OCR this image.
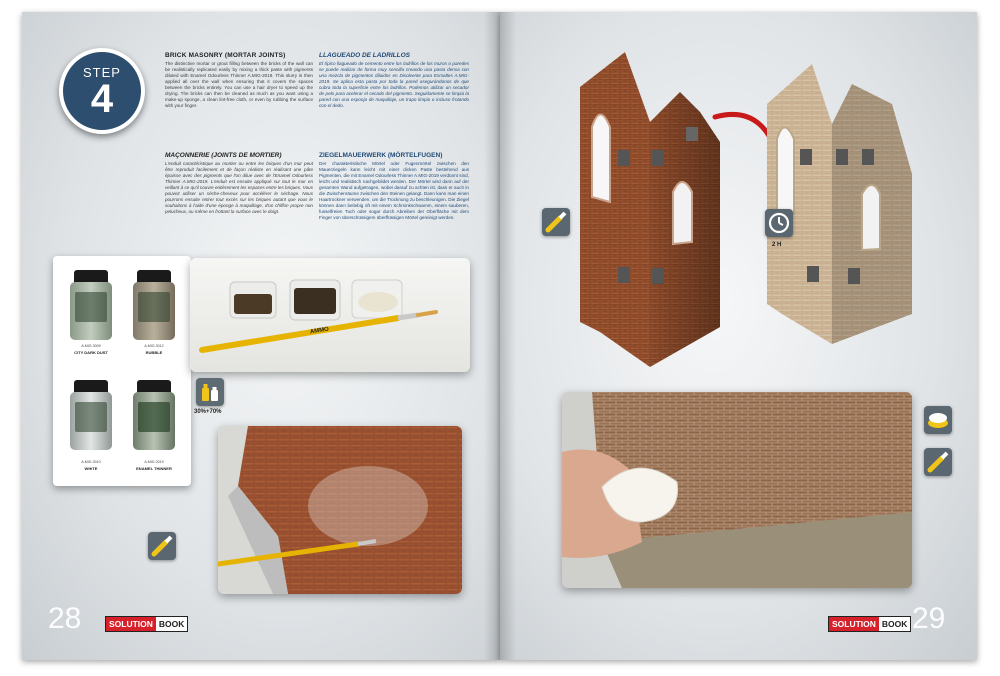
STEP
4
BRICK MASONRY (MORTAR JOINTS)
The distinctive mortar or grout filling between the bricks of the wall can be realistically replicated easily by mixing a thick paste with pigments diluted with Enamel Odourless Thinner A.MIG-2019. This slurry is then applied all over the wall when ensuring that it covers the spaces between the bricks entirely. You can use a hair dryer to speed up the drying. The bricks can then be cleaned as much as you want using a make-up sponge, a clean lint-free cloth, or even by rubbing the surface with your finger.
LLAGUEADO DE LADRILLOS
El típico llagueado de cemento entre los ladrillos de los muros o paredes se puede realizar de forma muy sencilla creando una pasta densa con una mezcla de pigmentos diluidos en Disolvente para Esmaltes A.MIG-2019. Se aplica esta pasta por toda la pared asegurándonos de que cubra toda la superficie entre los ladrillos. Podemos utilizar un secador de pelo para acelerar el secado del pigmento. Seguidamente se limpia la pared con una esponja de maquillaje, un trapo limpio o incluso frotando con el dedo.
MAÇONNERIE (JOINTS DE MORTIER)
L'enduit caractéristique au mortier ou entre les briques d'un mur peut être reproduit facilement et de façon réaliste en réalisant une pâte épaisse avec des pigments que l'on dilue avec de l'Enamel Odourless Thinner A.MIG-2019. L'enduit est ensuite appliqué sur tout le mur en veillant à ce qu'il couvre entièrement les espaces entre les briques. Vous pouvez utiliser un sèche-cheveux pour accélérer le séchage. Nous pourrons ensuite retirer tout excès sur les briques autant que vous le souhaitons à l'aide d'une éponge à maquillage, d'un chiffon propre non pelucheux, ou même en frottant la surface avec le doigt.
ZIEGELMAUERWERK (MÖRTELFUGEN)
Der charakteristische Mörtel oder Fugenmörtel zwischen den Mauerziegeln kann leicht mit einer dicken Paste bestehend aus Pigmenten, die mit Enamel Odourless Thinner A.MIG-2019 verdünnt sind, leicht und realistisch nachgebildet werden. Der Mörtel wird dann auf der gesamten Wand aufgetragen, wobei darauf zu achten ist, dass er auch in die Zwischenräume zwischen den Steinen gelangt. Dann kann man einen Haartrockner verwenden, um die Trocknung zu beschleunigen. Die Ziegel können dann beliebig oft mit einem Schminkschwamm, einem sauberen, fusselfreien Tuch oder sogar durch Abreiben der Oberfläche mit dem Finger von überschüssigem überflüssigen Mörtel gereinigt werden.
A.MIG.3009
CITY DARK DUST
A.MIG.3012
RUBBLE
A.MIG.3010
WHITE
A.MIG.2019
ENAMEL THINNER
AMMO
30%+70%
28	SOLUTION BOOK
2 H
SOLUTION BOOK 29
